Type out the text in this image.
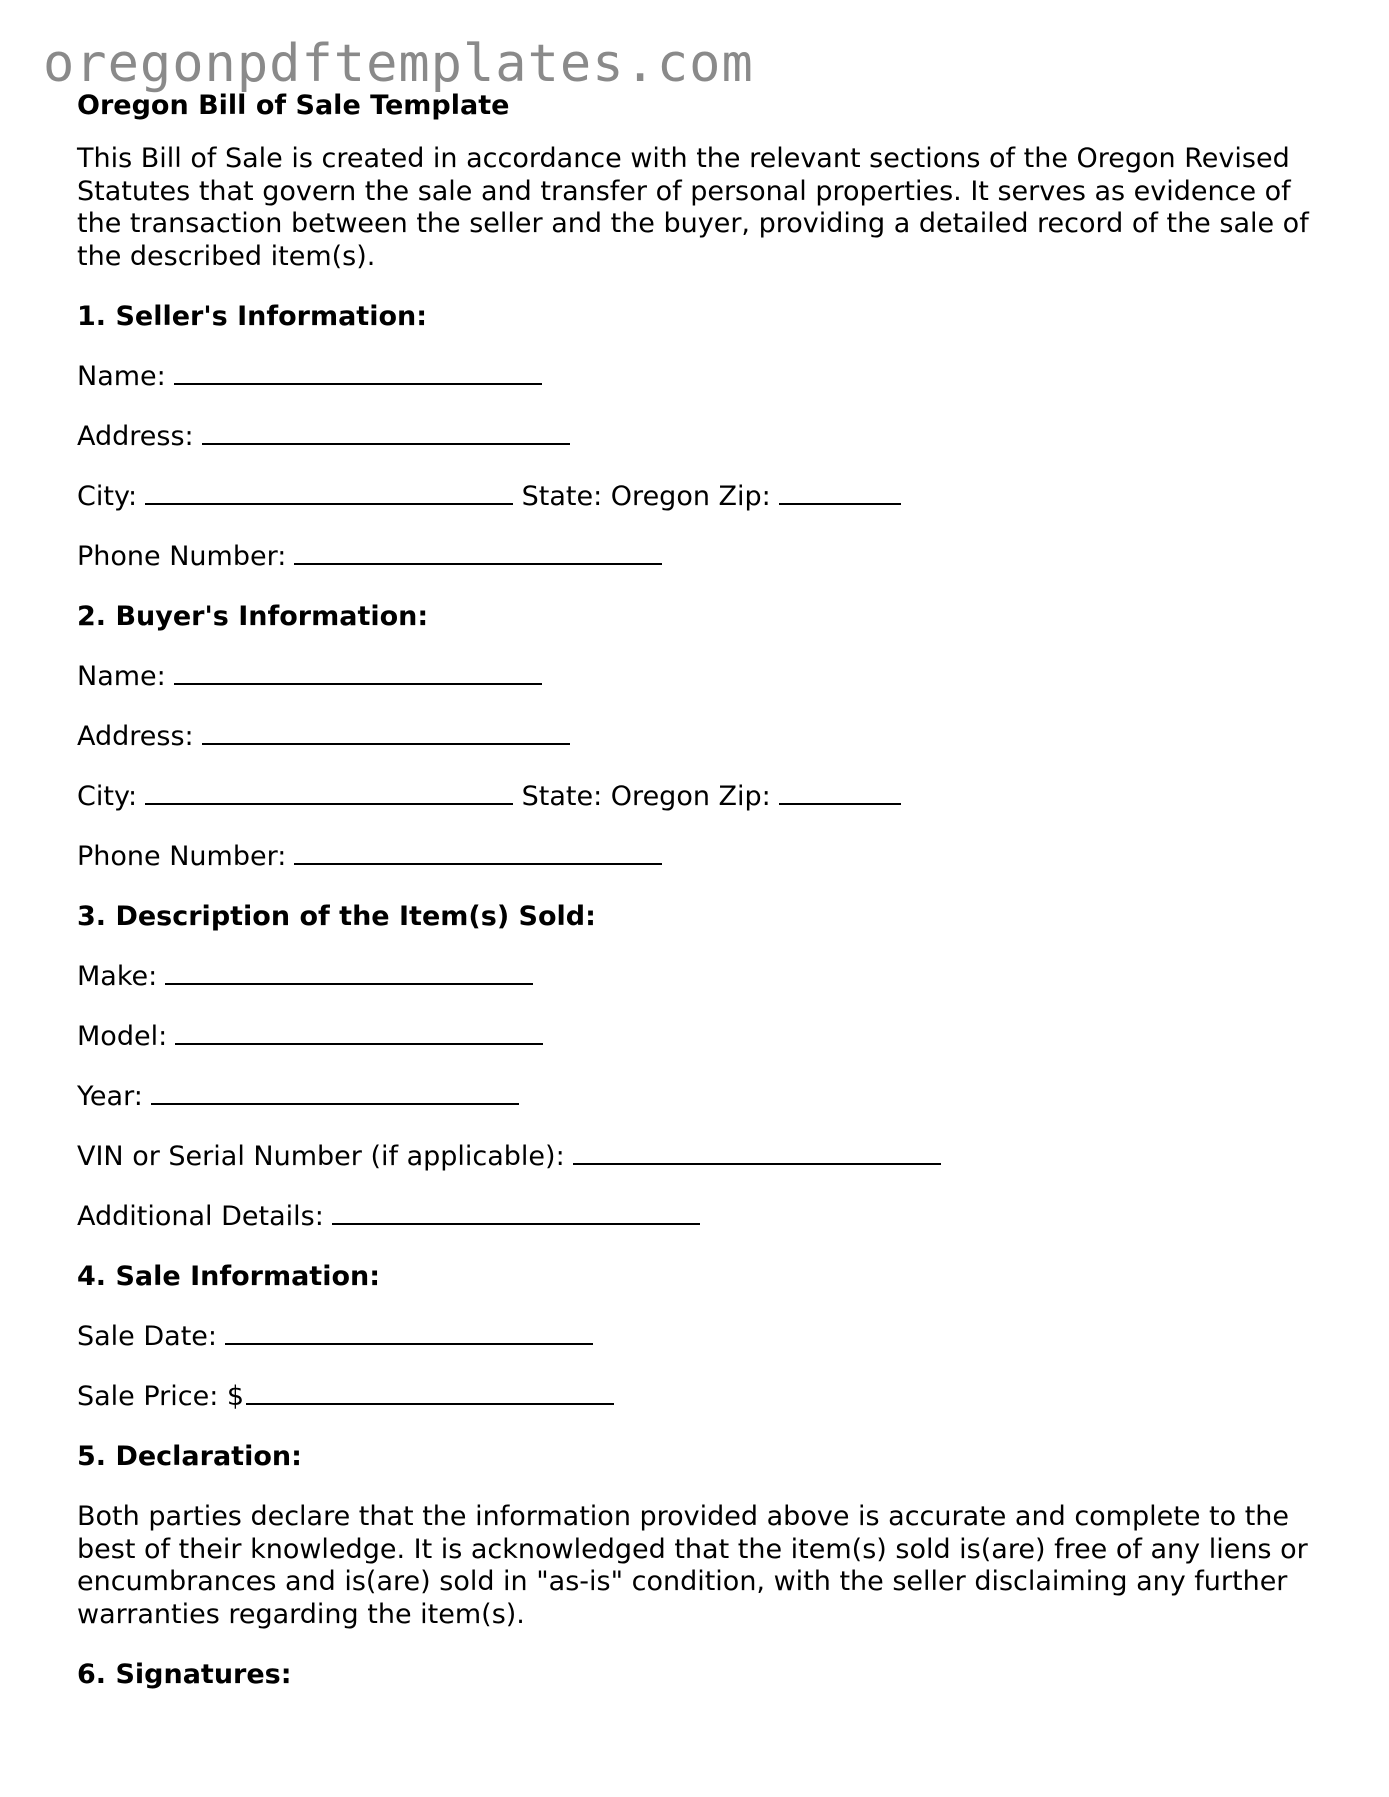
oregonpdftemplates.com
Oregon Bill of Sale Template

This Bill of Sale is created in accordance with the relevant sections of the Oregon Revised Statutes that govern the sale and transfer of personal properties. It serves as evidence of the transaction between the seller and the buyer, providing a detailed record of the sale of the described item(s).

1. Seller's Information:
Name:
Address:
City:	State: Oregon Zip:
Phone Number:
2. Buyer's Information:
Name:
Address:
City:	State: Oregon Zip:
Phone Number:
3. Description of the Item(s) Sold:
Make:
Model:
Year:
VIN or Serial Number (if applicable):
Additional Details:
4. Sale Information:
Sale Date:
Sale Price: $
5. Declaration:

Both parties declare that the information provided above is accurate and complete to the best of their knowledge. It is acknowledged that the item(s) sold is(are) free of any liens or encumbrances and is(are) sold in "as-is" condition, with the seller disclaiming any further warranties regarding the item(s).

6. Signatures:
